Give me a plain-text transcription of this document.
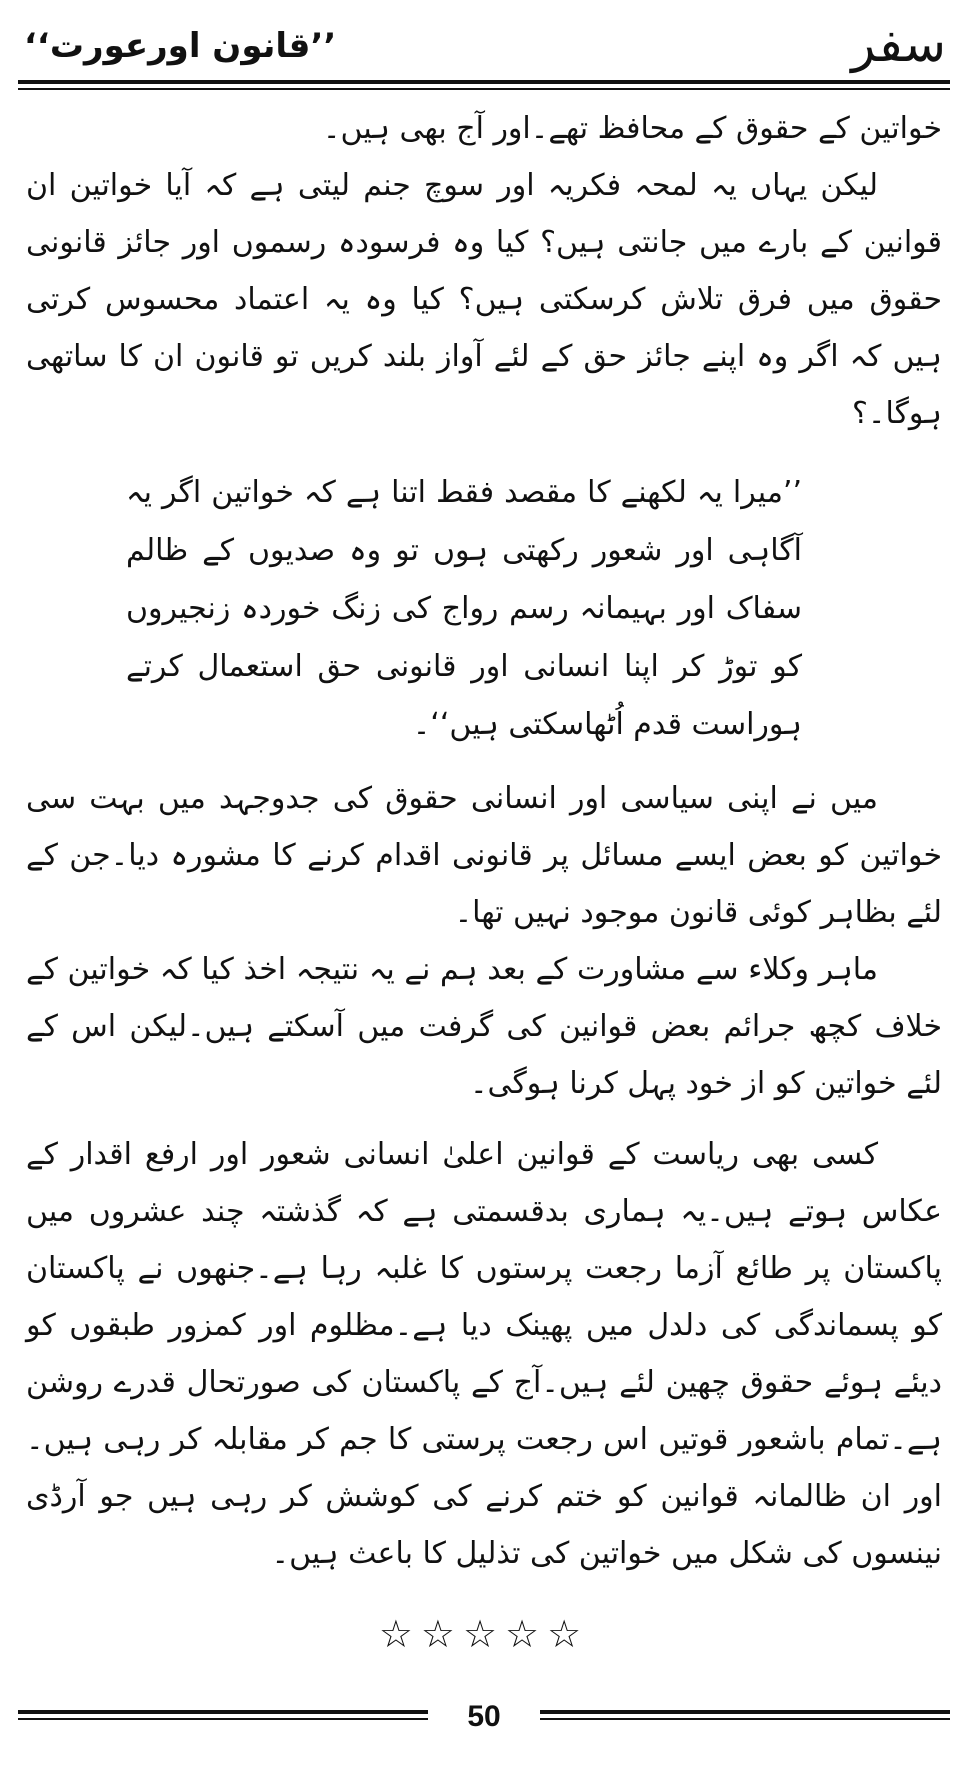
سفر
’’قانون اورعورت‘‘

خواتین کے حقوق کے محافظ تھے۔اور آج بھی ہیں۔

لیکن یہاں یہ لمحہ فکریہ اور سوچ جنم لیتی ہے کہ آیا خواتین ان قوانین کے بارے میں جانتی ہیں؟ کیا وہ فرسودہ رسموں اور جائز قانونی حقوق میں فرق تلاش کرسکتی ہیں؟ کیا وہ یہ اعتماد محسوس کرتی ہیں کہ اگر وہ اپنے جائز حق کے لئے آواز بلند کریں تو قانون ان کا ساتھی ہوگا۔؟

’’میرا یہ لکھنے کا مقصد فقط اتنا ہے کہ خواتین اگر یہ آگاہی اور شعور رکھتی ہوں تو وہ صدیوں کے ظالم سفاک اور بہیمانہ رسم رواج کی زنگ خوردہ زنجیروں کو توڑ کر اپنا انسانی اور قانونی حق استعمال کرتے ہوراست قدم اُٹھاسکتی ہیں‘‘۔

میں نے اپنی سیاسی اور انسانی حقوق کی جدوجہد میں بہت سی خواتین کو بعض ایسے مسائل پر قانونی اقدام کرنے کا مشورہ دیا۔جن کے لئے بظاہر کوئی قانون موجود نہیں تھا۔

ماہر وکلاء سے مشاورت کے بعد ہم نے یہ نتیجہ اخذ کیا کہ خواتین کے خلاف کچھ جرائم بعض قوانین کی گرفت میں آسکتے ہیں۔لیکن اس کے لئے خواتین کو از خود پہل کرنا ہوگی۔

کسی بھی ریاست کے قوانین اعلیٰ انسانی شعور اور ارفع اقدار کے عکاس ہوتے ہیں۔یہ ہماری بدقسمتی ہے کہ گذشتہ چند عشروں میں پاکستان پر طائع آزما رجعت پرستوں کا غلبہ رہا ہے۔جنھوں نے پاکستان کو پسماندگی کی دلدل میں پھینک دیا ہے۔مظلوم اور کمزور طبقوں کو دیئے ہوئے حقوق چھین لئے ہیں۔آج کے پاکستان کی صورتحال قدرے روشن ہے۔تمام باشعور قوتیں اس رجعت پرستی کا جم کر مقابلہ کر رہی ہیں۔اور ان ظالمانہ قوانین کو ختم کرنے کی کوشش کر رہی ہیں جو آرڈی نینسوں کی شکل میں خواتین کی تذلیل کا باعث ہیں۔

☆☆☆☆☆
50
